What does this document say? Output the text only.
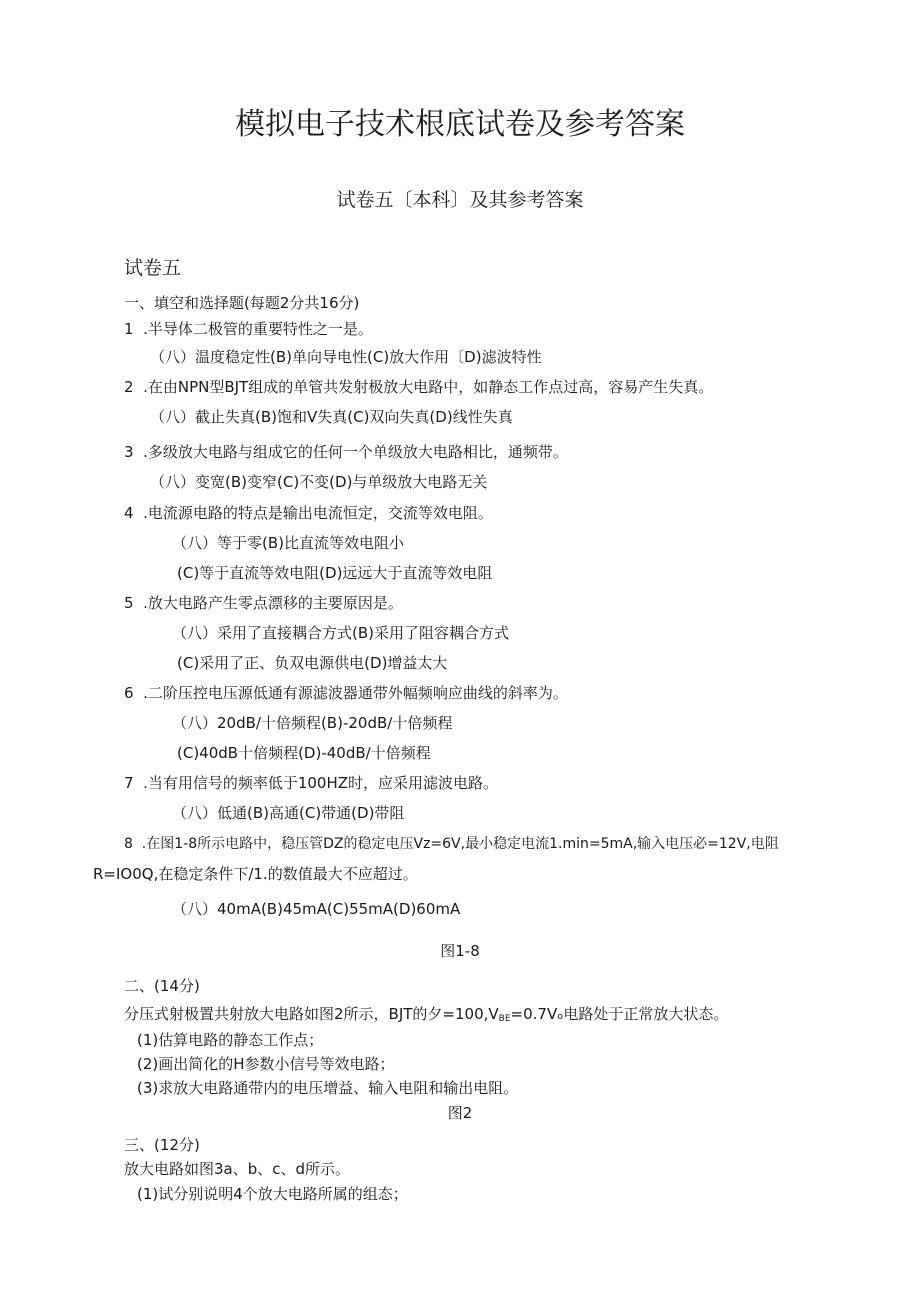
模拟电子技术根底试卷及参考答案
试卷五〔本科〕及其参考答案
试卷五
一、填空和选择题(每题2分共16分)
1  .半导体二极管的重要特性之一是。
（八）温度稳定性(B)单向导电性(C)放大作用〔D)滤波特性
2  .在由NPN型BJT组成的单管共发射极放大电路中，如静态工作点过高，容易产生失真。
（八）截止失真(B)饱和V失真(C)双向失真(D)线性失真
3  .多级放大电路与组成它的任何一个单级放大电路相比，通频带。
（八）变宽(B)变窄(C)不变(D)与单级放大电路无关
4  .电流源电路的特点是输出电流恒定，交流等效电阻。
（八）等于零(B)比直流等效电阻小
(C)等于直流等效电阻(D)远远大于直流等效电阻
5  .放大电路产生零点漂移的主要原因是。
（八）采用了直接耦合方式(B)采用了阻容耦合方式
(C)采用了正、负双电源供电(D)增益太大
6  .二阶压控电压源低通有源滤波器通带外幅频响应曲线的斜率为。
（八）20dB∕十倍频程(B)-20dB∕十倍频程
(C)40dB十倍频程(D)-40dB∕十倍频程
7  .当有用信号的频率低于100HZ时，应采用滤波电路。
（八）低通(B)高通(C)带通(D)带阻
8  .在图1-8所示电路中，稳压管DZ的稳定电压Vz=6V,最小稳定电流1.min=5mA,输入电压必=12V,电阻
R=IO0Q,在稳定条件下/1.的数值最大不应超过。
（八）40mA(B)45mA(C)55mA(D)60mA
图1-8
二、(14分)
分压式射极置共射放大电路如图2所示，BJT的夕$=100,V_{BE}=0.7V_o$电路处于正常放大状态。
(1)估算电路的静态工作点；
(2)画出简化的H参数小信号等效电路；
(3)求放大电路通带内的电压增益、输入电阻和输出电阻。
图2
三、(12分)
放大电路如图3a、b、c、d所示。
(1)试分别说明4个放大电路所属的组态；
